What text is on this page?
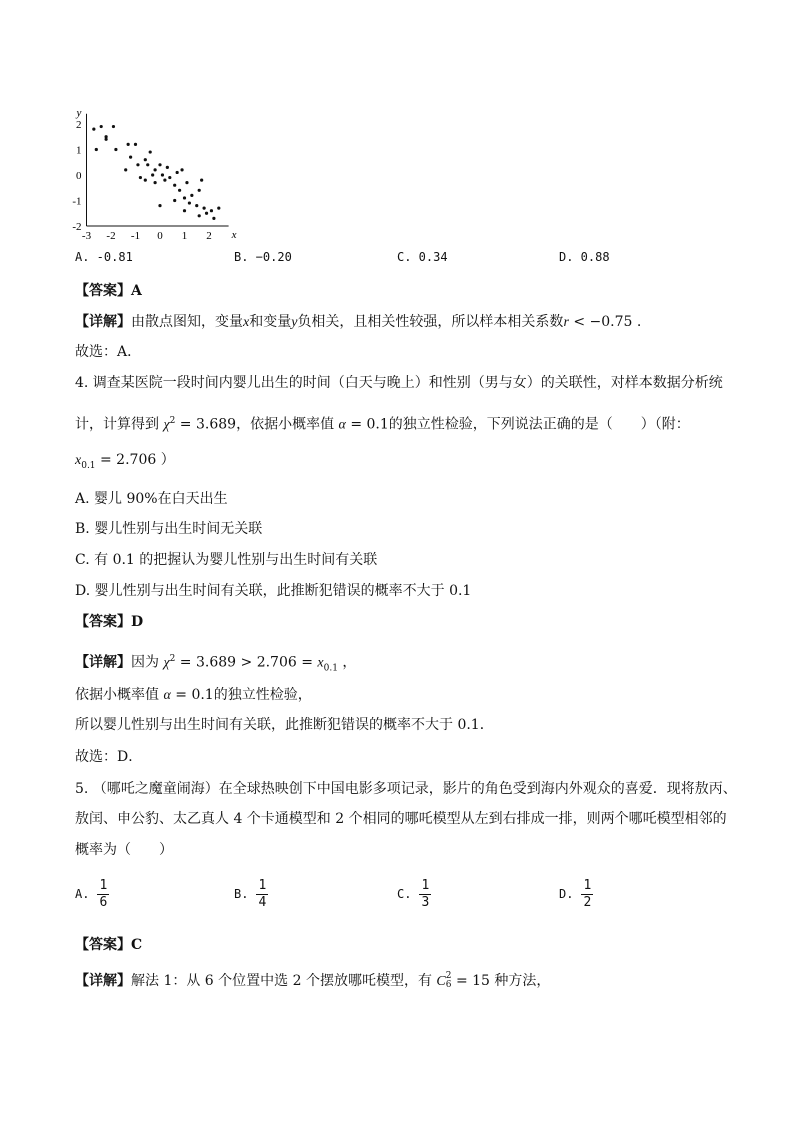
x
y
-3 -2 -1 0 1 2
2
1
0
-1
-2
A. -0.81	B. −0.20	C. 0.34	D. 0.88
【答案】A
【详解】由散点图知，变量x和变量y负相关，且相关性较强，所以样本相关系数r < −0.75 .
故选：A．
4. 调查某医院一段时间内婴儿出生的时间（白天与晚上）和性别（男与女）的关联性，对样本数据分析统
计，计算得到 $\chi^2 = 3.689$，依据小概率值 α = 0.1的独立性检验，下列说法正确的是（　　）（附：
$x_{0.1} = 2.706$ ）
A. 婴儿 90%在白天出生
B. 婴儿性别与出生时间无关联
C. 有 0.1 的把握认为婴儿性别与出生时间有关联
D. 婴儿性别与出生时间有关联，此推断犯错误的概率不大于 0.1
【答案】D
【详解】因为 $\chi^2 = 3.689 > 2.706 = x_{0.1}$ ，
依据小概率值 α = 0.1的独立性检验，
所以婴儿性别与出生时间有关联，此推断犯错误的概率不大于 0.1．
故选：D．
5. （哪吒之魔童闹海）在全球热映创下中国电影多项记录，影片的角色受到海内外观众的喜爱．现将敖丙、
敖闰、申公豹、太乙真人 4 个卡通模型和 2 个相同的哪吒模型从左到右排成一排，则两个哪吒模型相邻的
概率为（　　）
A. $\frac{1}{6}$	B. $\frac{1}{4}$	C. $\frac{1}{3}$	D. $\frac{1}{2}$
【答案】C
【详解】解法 1：从 6 个位置中选 2 个摆放哪吒模型，有 C 2
6 = 15 种方法，
